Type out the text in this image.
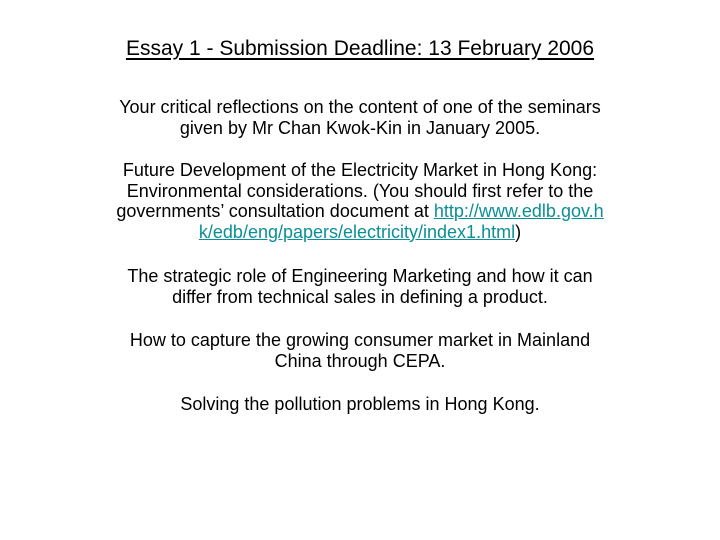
Essay 1 - Submission Deadline: 13 February 2006

Your critical reflections on the content of one of the seminars given by Mr Chan Kwok-Kin in January 2005.

Future Development of the Electricity Market in Hong Kong: Environmental considerations. (You should first refer to the governments’ consultation document at http://www.edlb.gov.hk/edb/eng/papers/electricity/index1.html)

The strategic role of Engineering Marketing and how it can differ from technical sales in defining a product.

How to capture the growing consumer market in Mainland China through CEPA.

Solving the pollution problems in Hong Kong.
